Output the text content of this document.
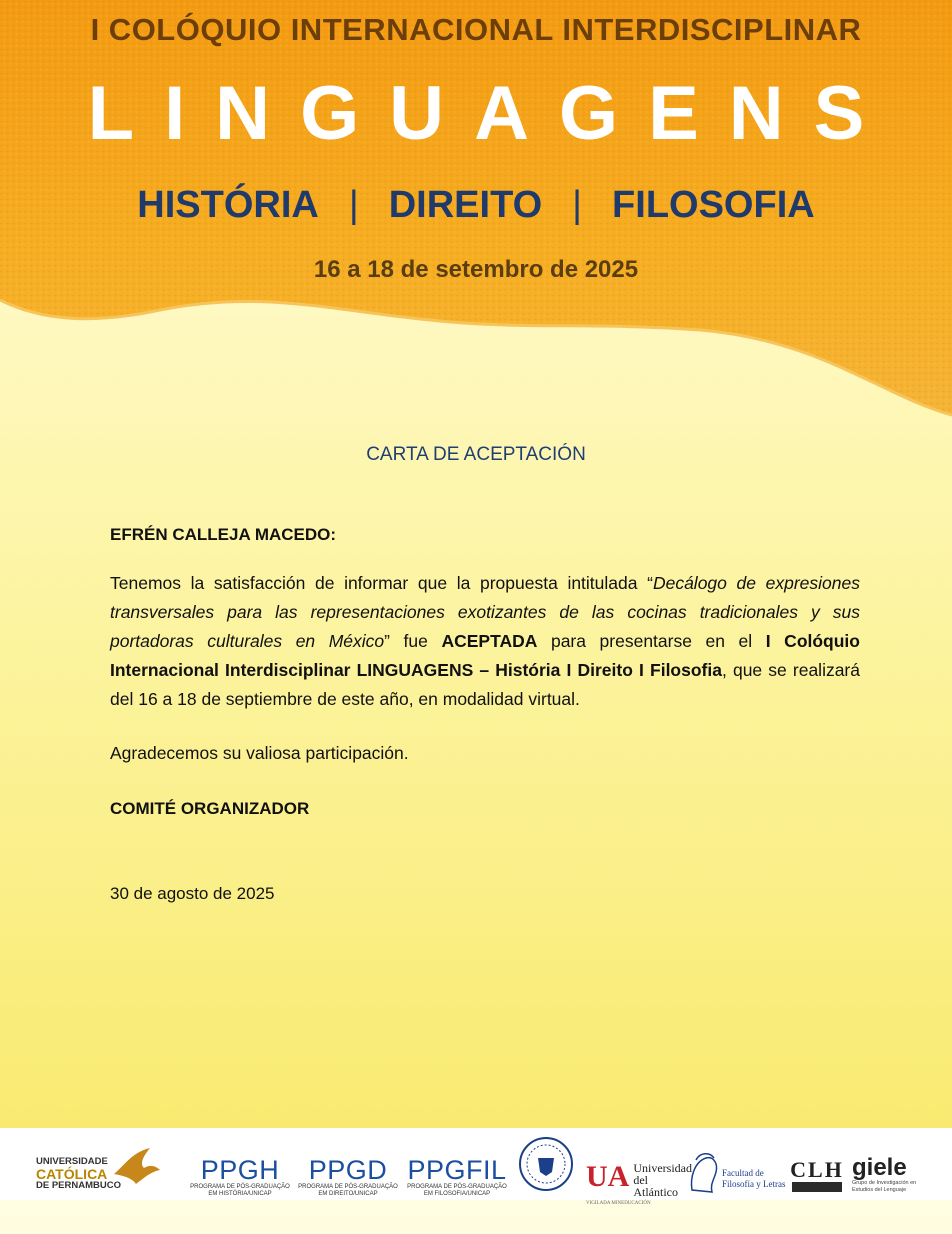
I COLÓQUIO INTERNACIONAL INTERDISCIPLINAR
LINGUAGENS
HISTÓRIA | DIREITO | FILOSOFIA
16 a 18 de setembro de 2025
CARTA DE ACEPTACIÓN
EFRÉN CALLEJA MACEDO:
Tenemos la satisfacción de informar que la propuesta intitulada “Decálogo de expresiones transversales para las representaciones exotizantes de las cocinas tradicionales y sus portadoras culturales en México” fue ACEPTADA para presentarse en el I Colóquio Internacional Interdisciplinar LINGUAGENS – História I Direito I Filosofia, que se realizará del 16 a 18 de septiembre de este año, en modalidad virtual.
Agradecemos su valiosa participación.
COMITÉ ORGANIZADOR
30 de agosto de 2025
UNIVERSIDADE
CATÓLICA
DE PERNAMBUCO
PPGH
PROGRAMA DE PÓS-GRADUAÇÃO
EM HISTÓRIA/UNICAP
PPGD
PROGRAMA DE PÓS-GRADUAÇÃO
EM DIREITO/UNICAP
PPGFIL
PROGRAMA DE PÓS-GRADUAÇÃO
EM FILOSOFIA/UNICAP
UA Universidad
del Atlántico
VIGILADA MINEDUCACIÓN
Facultad de
Filosofía y Letras
CLH giele
Grupo de Investigación en
Estudios del Lenguaje
